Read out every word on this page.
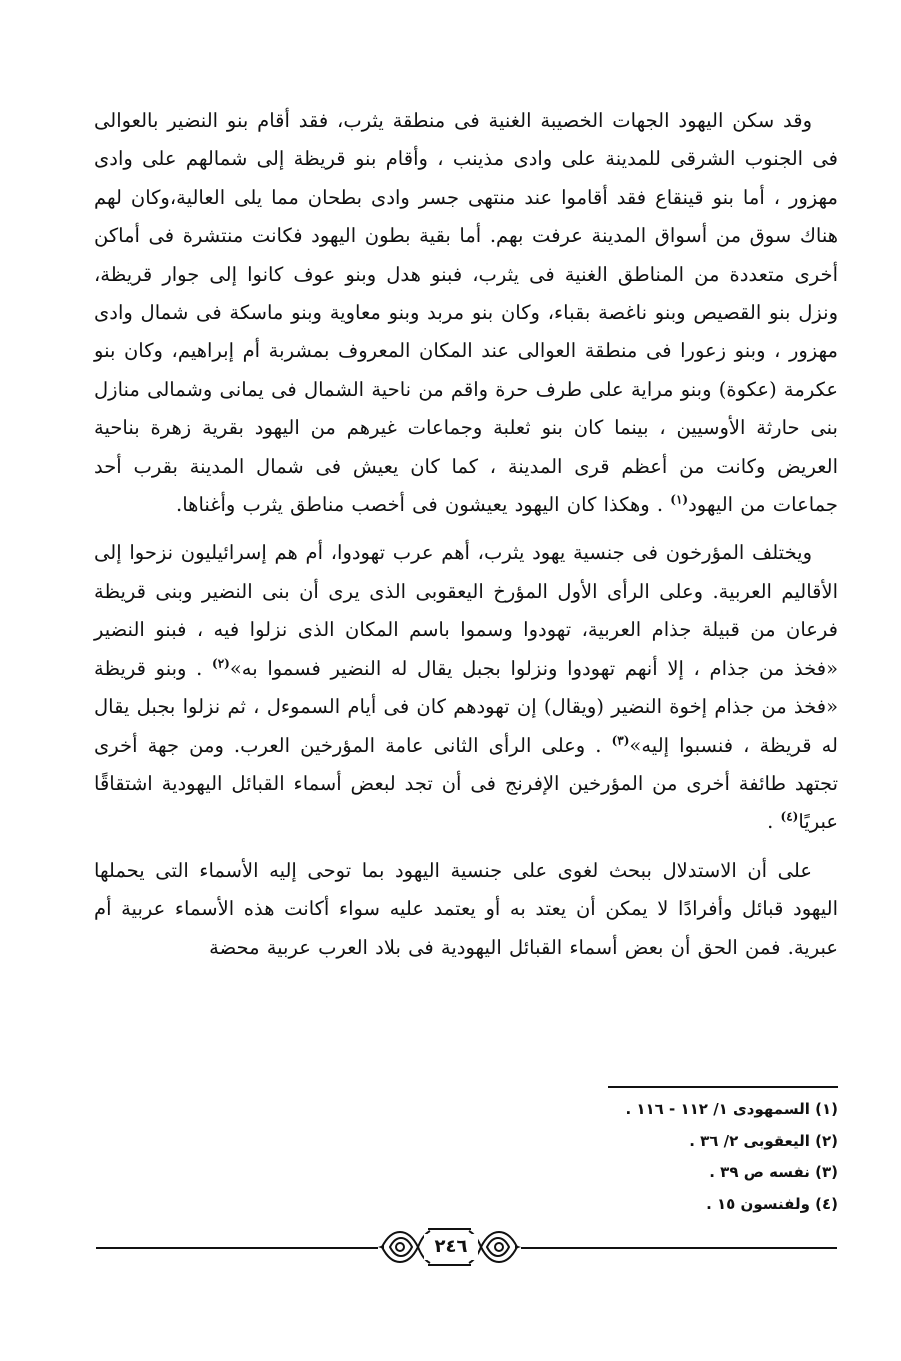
وقد سكن اليهود الجهات الخصيبة الغنية فى منطقة يثرب، فقد أقام بنو النضير بالعوالى فى الجنوب الشرقى للمدينة على وادى مذينب ، وأقام بنو قريظة إلى شمالهم على وادى مهزور ، أما بنو قينقاع فقد أقاموا عند منتهى جسر وادى بطحان مما يلى العالية،وكان لهم هناك سوق من أسواق المدينة عرفت بهم. أما بقية بطون اليهود فكانت منتشرة فى أماكن أخرى متعددة من المناطق الغنية فى يثرب، فبنو هدل وبنو عوف كانوا إلى جوار قريظة، ونزل بنو القصيص وبنو ناغصة بقباء، وكان بنو مربد وبنو معاوية وبنو ماسكة فى شمال وادى مهزور ، وبنو زعورا فى منطقة العوالى عند المكان المعروف بمشربة أم إبراهيم، وكان بنو عكرمة (عكوة) وبنو مراية على طرف حرة واقم من ناحية الشمال فى يمانى وشمالى منازل بنى حارثة الأوسيين ، بينما كان بنو ثعلبة وجماعات غيرهم من اليهود بقرية زهرة بناحية العريض وكانت من أعظم قرى المدينة ، كما كان يعيش فى شمال المدينة بقرب أحد جماعات من اليهود$^{(١)}$ . وهكذا كان اليهود يعيشون فى أخصب مناطق يثرب وأغناها.

ويختلف المؤرخون فى جنسية يهود يثرب، أهم عرب تهودوا، أم هم إسرائيليون نزحوا إلى الأقاليم العربية. وعلى الرأى الأول المؤرخ اليعقوبى الذى يرى أن بنى النضير وبنى قريظة فرعان من قبيلة جذام العربية، تهودوا وسموا باسم المكان الذى نزلوا فيه ، فبنو النضير «فخذ من جذام ، إلا أنهم تهودوا ونزلوا بجبل يقال له النضير فسموا به»$^{(٢)}$ . وبنو قريظة «فخذ من جذام إخوة النضير (ويقال) إن تهودهم كان فى أيام السموءل ، ثم نزلوا بجبل يقال له قريظة ، فنسبوا إليه»$^{(٣)}$ . وعلى الرأى الثانى عامة المؤرخين العرب. ومن جهة أخرى تجتهد طائفة أخرى من المؤرخين الإفرنج فى أن تجد لبعض أسماء القبائل اليهودية اشتقاقًا عبريًا$^{(٤)}$ .

على أن الاستدلال ببحث لغوى على جنسية اليهود بما توحى إليه الأسماء التى يحملها اليهود قبائل وأفرادًا لا يمكن أن يعتد به أو يعتمد عليه سواء أكانت هذه الأسماء عربية أم عبرية. فمن الحق أن بعض أسماء القبائل اليهودية فى بلاد العرب عربية محضة

(١) السمهودى ١/ ١١٢ - ١١٦ .
(٢) اليعقوبى ٢/ ٣٦ .
(٣) نفسه ص ٣٩ .
(٤) ولفنسون ١٥ .
٢٤٦
